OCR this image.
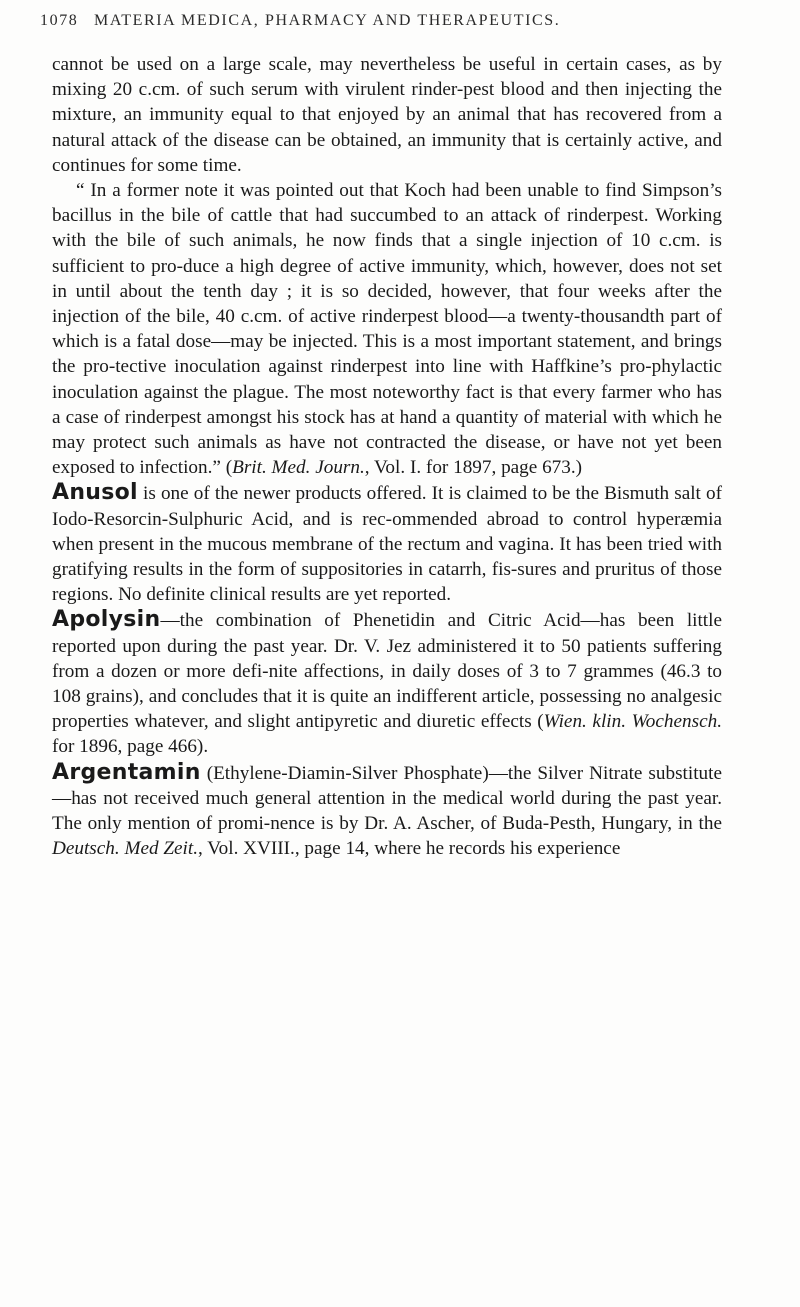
1078 MATERIA MEDICA, PHARMACY AND THERAPEUTICS.

cannot be used on a large scale, may nevertheless be useful in certain cases, as by mixing 20 c.cm. of such serum with virulent rinder-pest blood and then injecting the mixture, an immunity equal to that enjoyed by an animal that has recovered from a natural attack of the disease can be obtained, an immunity that is certainly active, and continues for some time.

“ In a former note it was pointed out that Koch had been unable to find Simpson’s bacillus in the bile of cattle that had succumbed to an attack of rinderpest. Working with the bile of such animals, he now finds that a single injection of 10 c.cm. is sufficient to pro-duce a high degree of active immunity, which, however, does not set in until about the tenth day ; it is so decided, however, that four weeks after the injection of the bile, 40 c.cm. of active rinderpest blood—a twenty-thousandth part of which is a fatal dose—may be injected. This is a most important statement, and brings the pro-tective inoculation against rinderpest into line with Haffkine’s pro-phylactic inoculation against the plague. The most noteworthy fact is that every farmer who has a case of rinderpest amongst his stock has at hand a quantity of material with which he may protect such animals as have not contracted the disease, or have not yet been exposed to infection.” (Brit. Med. Journ., Vol. I. for 1897, page 673.)

Anusol is one of the newer products offered. It is claimed to be the Bismuth salt of Iodo-Resorcin-Sulphuric Acid, and is rec-ommended abroad to control hyperæmia when present in the mucous membrane of the rectum and vagina. It has been tried with gratifying results in the form of suppositories in catarrh, fis-sures and pruritus of those regions. No definite clinical results are yet reported.

Apolysin—the combination of Phenetidin and Citric Acid—has been little reported upon during the past year. Dr. V. Jez administered it to 50 patients suffering from a dozen or more defi-nite affections, in daily doses of 3 to 7 grammes (46.3 to 108 grains), and concludes that it is quite an indifferent article, possessing no analgesic properties whatever, and slight antipyretic and diuretic effects (Wien. klin. Wochensch. for 1896, page 466).

Argentamin (Ethylene-Diamin-Silver Phosphate)—the Silver Nitrate substitute—has not received much general attention in the medical world during the past year. The only mention of promi-nence is by Dr. A. Ascher, of Buda-Pesth, Hungary, in the Deutsch. Med Zeit., Vol. XVIII., page 14, where he records his experience
